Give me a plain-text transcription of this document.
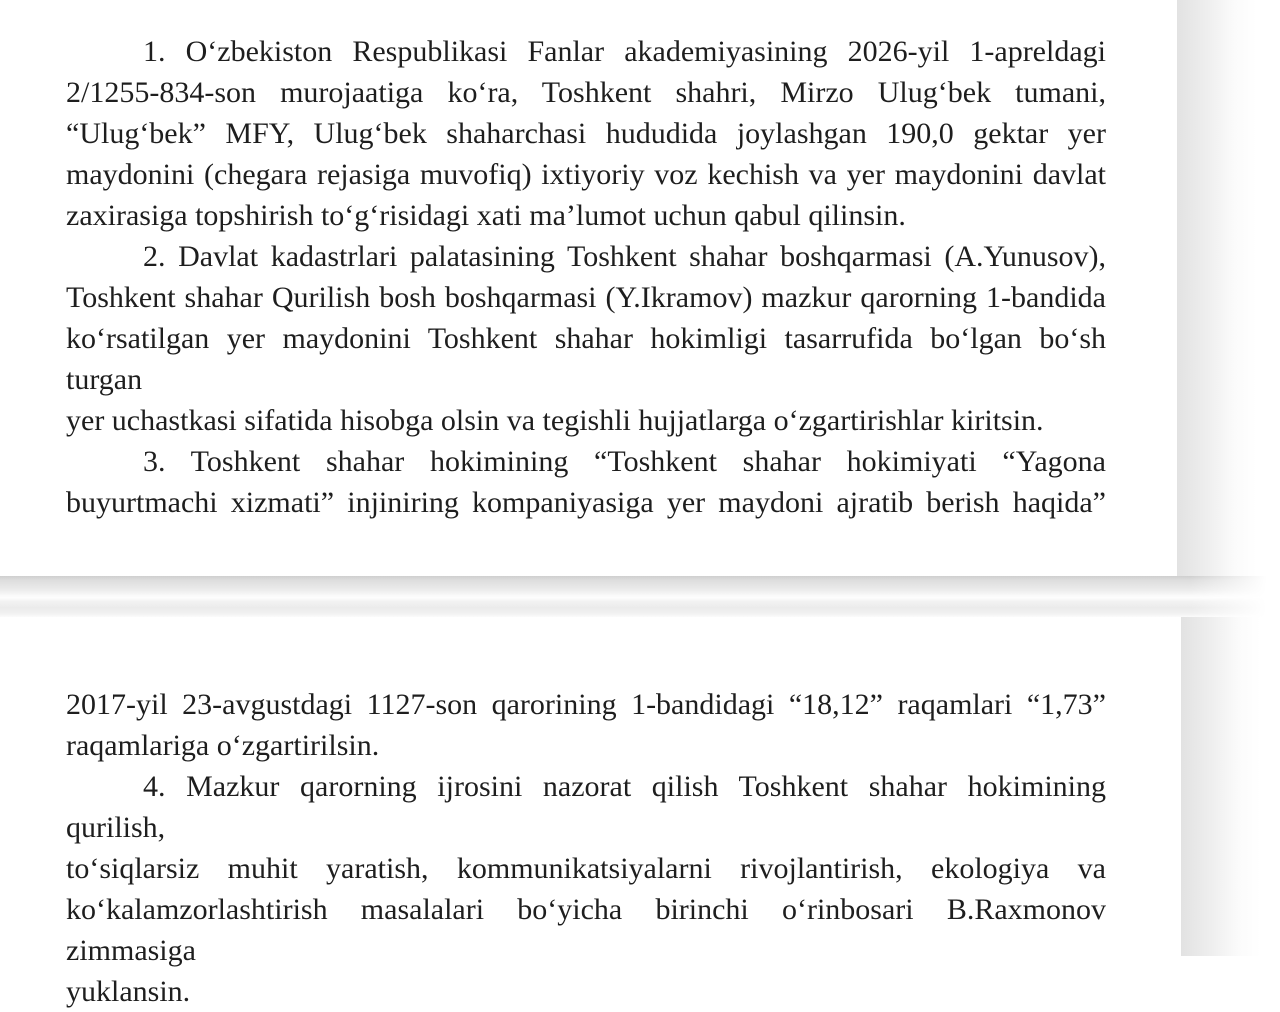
1. O‘zbekiston Respublikasi Fanlar akademiyasining 2026-yil 1-apreldagi
2/1255-834-son murojaatiga ko‘ra, Toshkent shahri, Mirzo Ulug‘bek tumani,
“Ulug‘bek” MFY, Ulug‘bek shaharchasi hududida joylashgan 190,0 gektar yer
maydonini (chegara rejasiga muvofiq) ixtiyoriy voz kechish va yer maydonini davlat
zaxirasiga topshirish to‘g‘risidagi xati ma’lumot uchun qabul qilinsin.
2. Davlat kadastrlari palatasining Toshkent shahar boshqarmasi (A.Yunusov),
Toshkent shahar Qurilish bosh boshqarmasi (Y.Ikramov) mazkur qarorning 1-bandida
ko‘rsatilgan yer maydonini Toshkent shahar hokimligi tasarrufida bo‘lgan bo‘sh turgan
yer uchastkasi sifatida hisobga olsin va tegishli hujjatlarga o‘zgartirishlar kiritsin.
3. Toshkent shahar hokimining “Toshkent shahar hokimiyati “Yagona
buyurtmachi xizmati” injiniring kompaniyasiga yer maydoni ajratib berish haqida”
2017-yil 23-avgustdagi 1127-son qarorining 1-bandidagi “18,12” raqamlari “1,73”
raqamlariga o‘zgartirilsin.
4. Mazkur qarorning ijrosini nazorat qilish Toshkent shahar hokimining qurilish,
to‘siqlarsiz muhit yaratish, kommunikatsiyalarni rivojlantirish, ekologiya va
ko‘kalamzorlashtirish masalalari bo‘yicha birinchi o‘rinbosari B.Raxmonov zimmasiga
yuklansin.
